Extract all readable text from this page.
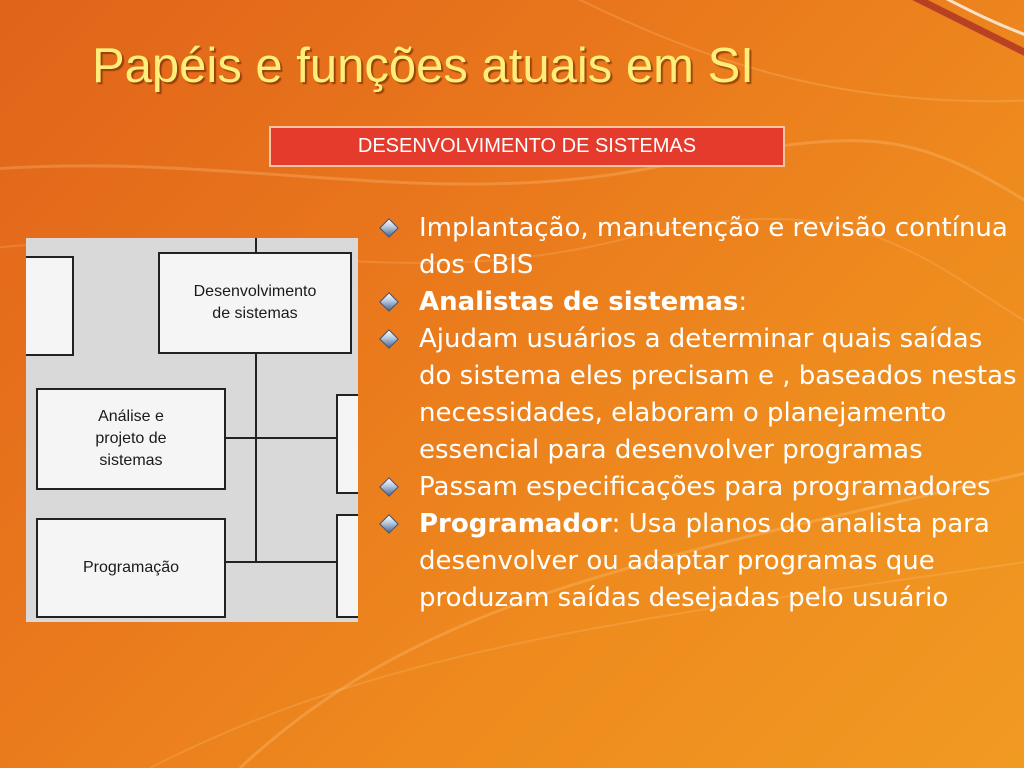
Papéis e funções atuais em SI
DESENVOLVIMENTO DE SISTEMAS
Desenvolvimento
de sistemas
Análise e
projeto de
sistemas
Programação
Implantação, manutenção e revisão contínua dos CBIS
Analistas de sistemas:
Ajudam usuários a determinar quais saídas do sistema eles precisam e , baseados nestas necessidades, elaboram o planejamento essencial para desenvolver programas
Passam especificações para programadores
Programador: Usa planos do analista para desenvolver ou adaptar programas que produzam saídas desejadas pelo usuário
